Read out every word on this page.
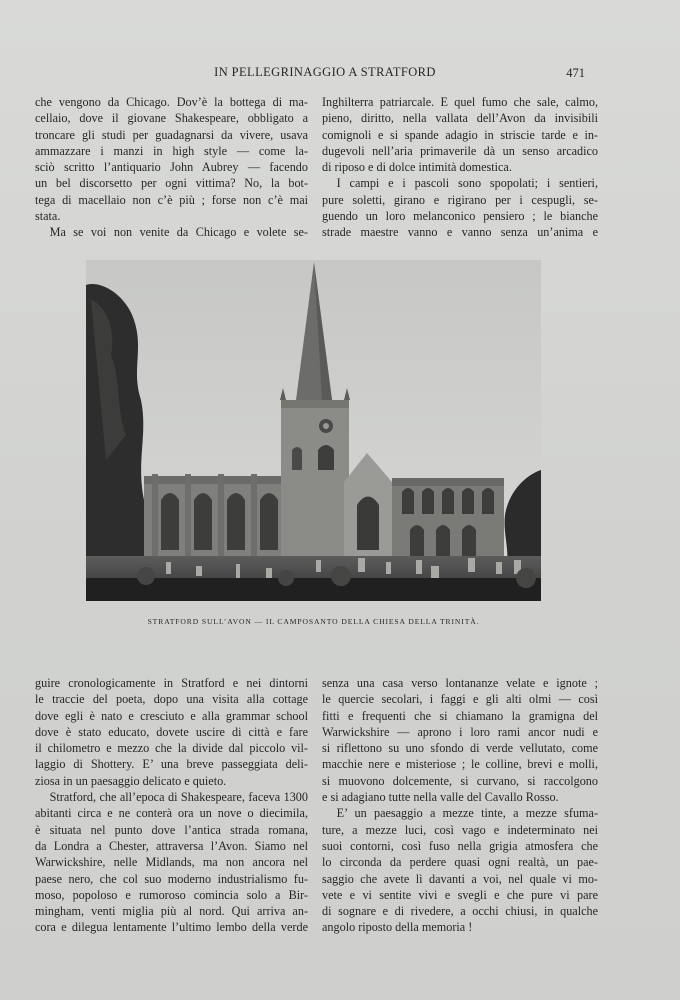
IN PELLEGRINAGGIO A STRATFORD	471
che vengono da Chicago. Dov’è la bottega di ma-
cellaio, dove il giovane Shakespeare, obbligato a
troncare gli studi per guadagnarsi da vivere, usava
ammazzare i manzi in high style — come la-
sciò scritto l’antiquario John Aubrey — facendo
un bel discorsetto per ogni vittima? No, la bot-
tega di macellaio non c’è più ; forse non c’è mai
stata.
Ma se voi non venite da Chicago e volete se-
Inghilterra patriarcale. E quel fumo che sale, calmo,
pieno, diritto, nella vallata dell’Avon da invisibili
comignoli e si spande adagio in striscie tarde e in-
dugevoli nell’aria primaverile dà un senso arcadico
di riposo e di dolce intimità domestica.
I campi e i pascoli sono spopolati; i sentieri,
pure soletti, girano e rigirano per i cespugli, se-
guendo un loro melanconico pensiero ; le bianche
strade maestre vanno e vanno senza un’anima e
STRATFORD SULL’AVON — IL CAMPOSANTO DELLA CHIESA DELLA TRINITÀ.
guire cronologicamente in Stratford e nei dintorni
le traccie del poeta, dopo una visita alla cottage
dove egli è nato e cresciuto e alla grammar school
dove è stato educato, dovete uscire di città e fare
il chilometro e mezzo che la divide dal piccolo vil-
laggio di Shottery. E’ una breve passeggiata deli-
ziosa in un paesaggio delicato e quieto.
Stratford, che all’epoca di Shakespeare, faceva 1300
abitanti circa e ne conterà ora un nove o diecimila,
è situata nel punto dove l’antica strada romana,
da Londra a Chester, attraversa l’Avon. Siamo nel
Warwickshire, nelle Midlands, ma non ancora nel
paese nero, che col suo moderno industrialismo fu-
moso, popoloso e rumoroso comincia solo a Bir-
mingham, venti miglia più al nord. Qui arriva an-
cora e dilegua lentamente l’ultimo lembo della verde
senza una casa verso lontananze velate e ignote ;
le quercie secolari, i faggi e gli alti olmi — così
fitti e frequenti che si chiamano la gramigna del
Warwickshire — aprono i loro rami ancor nudi e
si riflettono su uno sfondo di verde vellutato, come
macchie nere e misteriose ; le colline, brevi e molli,
si muovono dolcemente, si curvano, si raccolgono
e si adagiano tutte nella valle del Cavallo Rosso.
E’ un paesaggio a mezze tinte, a mezze sfuma-
ture, a mezze luci, così vago e indeterminato nei
suoi contorni, così fuso nella grigia atmosfera che
lo circonda da perdere quasi ogni realtà, un pae-
saggio che avete lì davanti a voi, nel quale vi mo-
vete e vi sentite vivi e svegli e che pure vi pare
di sognare e di rivedere, a occhi chiusi, in qualche
angolo riposto della memoria !
